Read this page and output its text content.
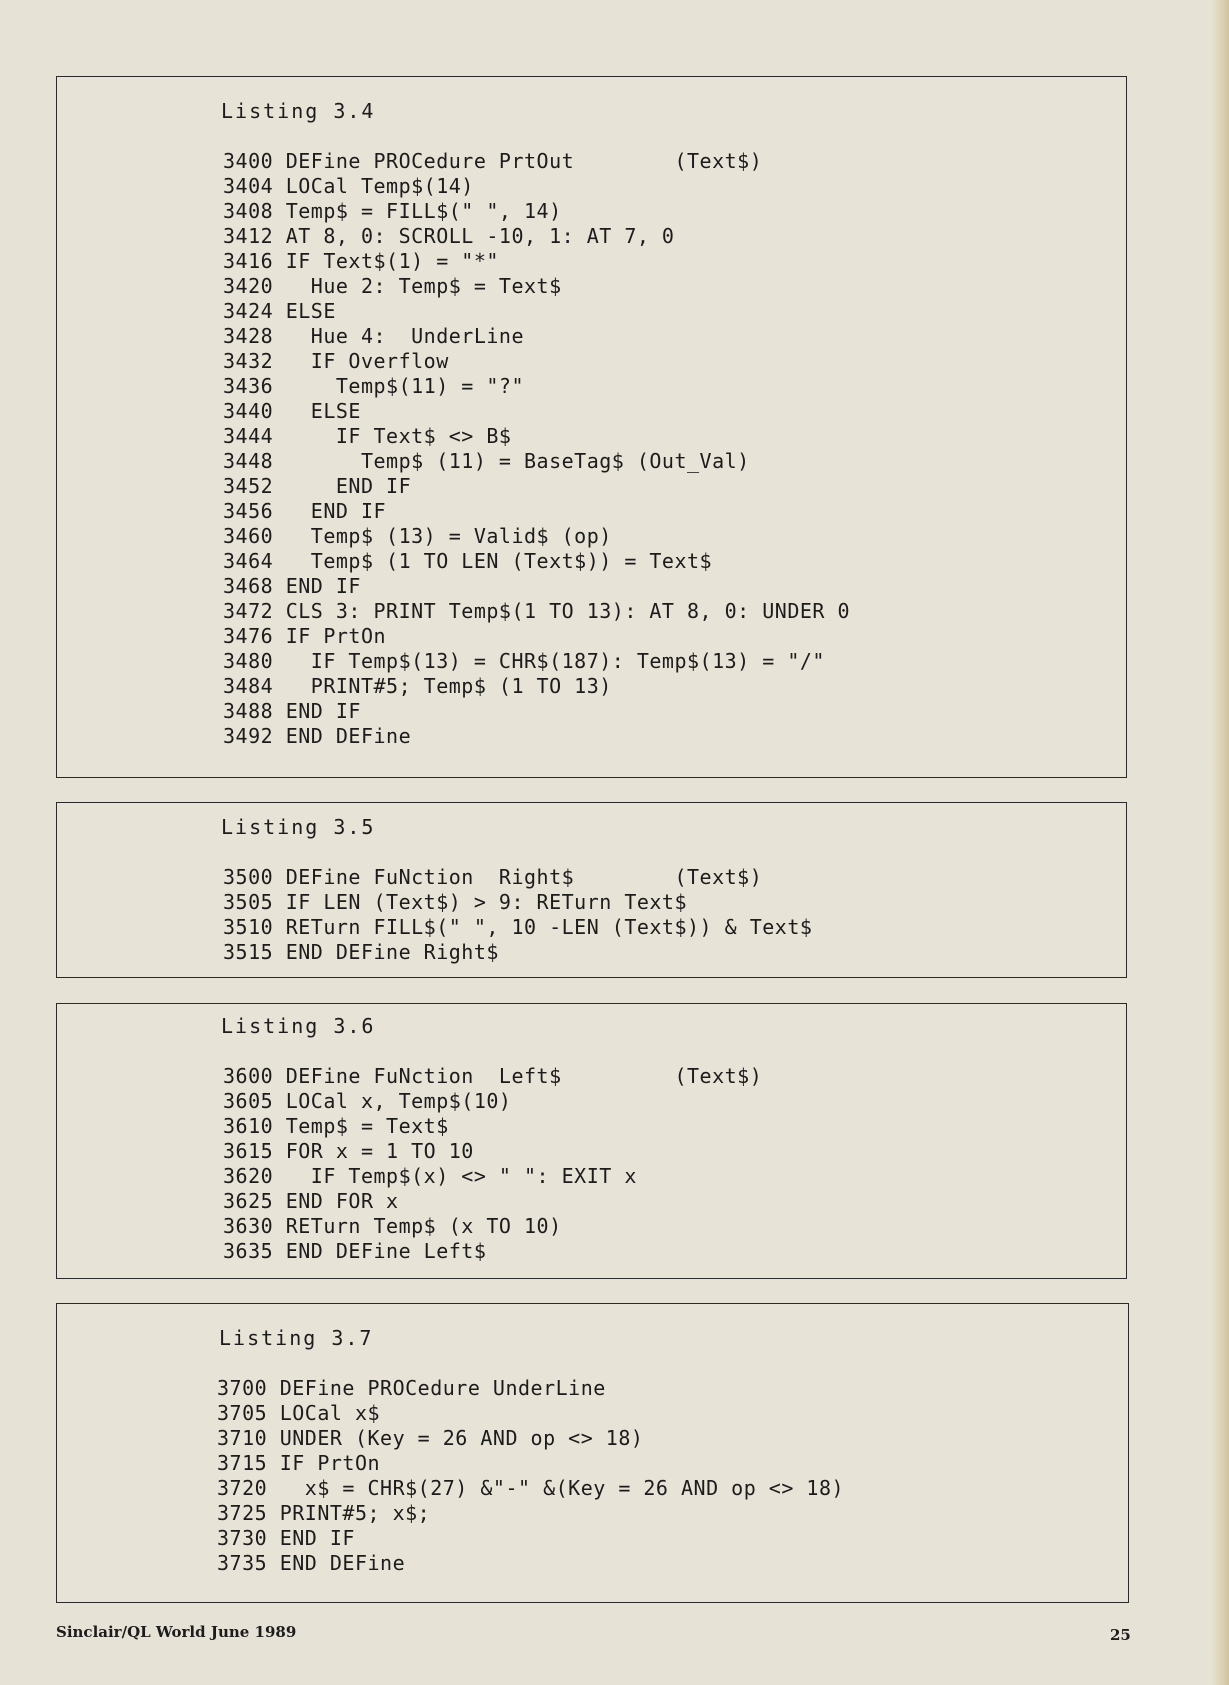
Listing 3.4
3400 DEFine PROCedure PrtOut        (Text$)
3404 LOCal Temp$(14)
3408 Temp$ = FILL$(" ", 14)
3412 AT 8, 0: SCROLL -10, 1: AT 7, 0
3416 IF Text$(1) = "*"
3420   Hue 2: Temp$ = Text$
3424 ELSE
3428   Hue 4:  UnderLine
3432   IF Overflow
3436     Temp$(11) = "?"
3440   ELSE
3444     IF Text$ <> B$
3448       Temp$ (11) = BaseTag$ (Out_Val)
3452     END IF
3456   END IF
3460   Temp$ (13) = Valid$ (op)
3464   Temp$ (1 TO LEN (Text$)) = Text$
3468 END IF
3472 CLS 3: PRINT Temp$(1 TO 13): AT 8, 0: UNDER 0
3476 IF PrtOn
3480   IF Temp$(13) = CHR$(187): Temp$(13) = "/"
3484   PRINT#5; Temp$ (1 TO 13)
3488 END IF
3492 END DEFine
Listing 3.5
3500 DEFine FuNction  Right$        (Text$)
3505 IF LEN (Text$) > 9: RETurn Text$
3510 RETurn FILL$(" ", 10 -LEN (Text$)) & Text$
3515 END DEFine Right$
Listing 3.6
3600 DEFine FuNction  Left$         (Text$)
3605 LOCal x, Temp$(10)
3610 Temp$ = Text$
3615 FOR x = 1 TO 10
3620   IF Temp$(x) <> " ": EXIT x
3625 END FOR x
3630 RETurn Temp$ (x TO 10)
3635 END DEFine Left$
Listing 3.7
3700 DEFine PROCedure UnderLine
3705 LOCal x$
3710 UNDER (Key = 26 AND op <> 18)
3715 IF PrtOn
3720   x$ = CHR$(27) &"-" &(Key = 26 AND op <> 18)
3725 PRINT#5; x$;
3730 END IF
3735 END DEFine
Sinclair/QL World June 1989	25
